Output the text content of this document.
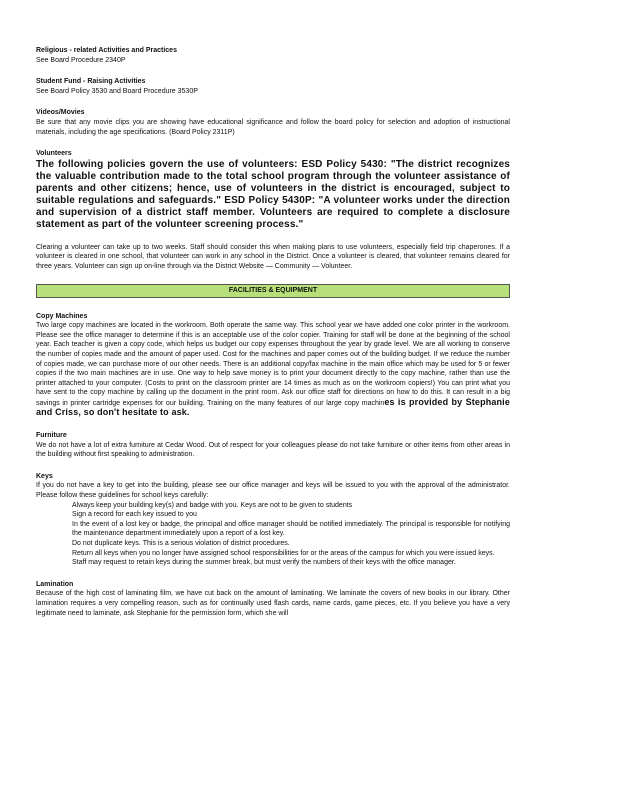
Religious - related Activities and Practices
See Board Procedure 2340P
Student Fund - Raising Activities
See Board Policy 3530 and Board Procedure 3530P
Videos/Movies
Be sure that any movie clips you are showing have educational significance and follow the board policy for selection and adoption of instructional materials, including the age specifications. (Board Policy 2311P)
Volunteers
The following policies govern the use of volunteers: ESD Policy 5430: "The district recognizes the valuable contribution made to the total school program through the volunteer assistance of parents and other citizens; hence, use of volunteers in the district is encouraged, subject to suitable regulations and safeguards." ESD Policy 5430P: "A volunteer works under the direction and supervision of a district staff member. Volunteers are required to complete a disclosure statement as part of the volunteer screening process."
Clearing a volunteer can take up to two weeks. Staff should consider this when making plans to use volunteers, especially field trip chaperones. If a volunteer is cleared in one school, that volunteer can work in any school in the District. Once a volunteer is cleared, that volunteer remains cleared for three years. Volunteer can sign up on-line through via the District Website — Community — Volunteer.
FACILITIES & EQUIPMENT
Copy Machines
Two large copy machines are located in the workroom. Both operate the same way. This school year we have added one color printer in the workroom. Please see the office manager to determine if this is an acceptable use of the color copier. Training for staff will be done at the beginning of the school year. Each teacher is given a copy code, which helps us budget our copy expenses throughout the year by grade level. We are all working to conserve the number of copies made and the amount of paper used. Cost for the machines and paper comes out of the building budget. If we reduce the number of copies made, we can purchase more of our other needs. There is an additional copy/fax machine in the main office which may be used for 5 or fewer copies if the two main machines are in use. One way to help save money is to print your document directly to the copy machine, rather than use the printer attached to your computer. (Costs to print on the classroom printer are 14 times as much as on the workroom copiers!) You can print what you have sent to the copy machine by calling up the document in the print room. Ask our office staff for directions on how to do this. It can result in a big savings in printer cartridge expenses for our building. Training on the many features of our large copy machines is provided by Stephanie and Criss, so don't hesitate to ask.
Furniture
We do not have a lot of extra furniture at Cedar Wood. Out of respect for your colleagues please do not take furniture or other items from other areas in the building without first speaking to administration.
Keys
If you do not have a key to get into the building, please see our office manager and keys will be issued to you with the approval of the administrator. Please follow these guidelines for school keys carefully:
Always keep your building key(s) and badge with you. Keys are not to be given to students
Sign a record for each key issued to you
In the event of a lost key or badge, the principal and office manager should be notified immediately. The principal is responsible for notifying the maintenance department immediately upon a report of a lost key.
Do not duplicate keys. This is a serious violation of district procedures.
Return all keys when you no longer have assigned school responsibilities for or the areas of the campus for which you were issued keys.
Staff may request to retain keys during the summer break, but must verify the numbers of their keys with the office manager.
Lamination
Because of the high cost of laminating film, we have cut back on the amount of laminating. We laminate the covers of new books in our library. Other lamination requires a very compelling reason, such as for continually used flash cards, name cards, game pieces, etc. If you believe you have a very legitimate need to laminate, ask Stephanie for the permission form, which she will
